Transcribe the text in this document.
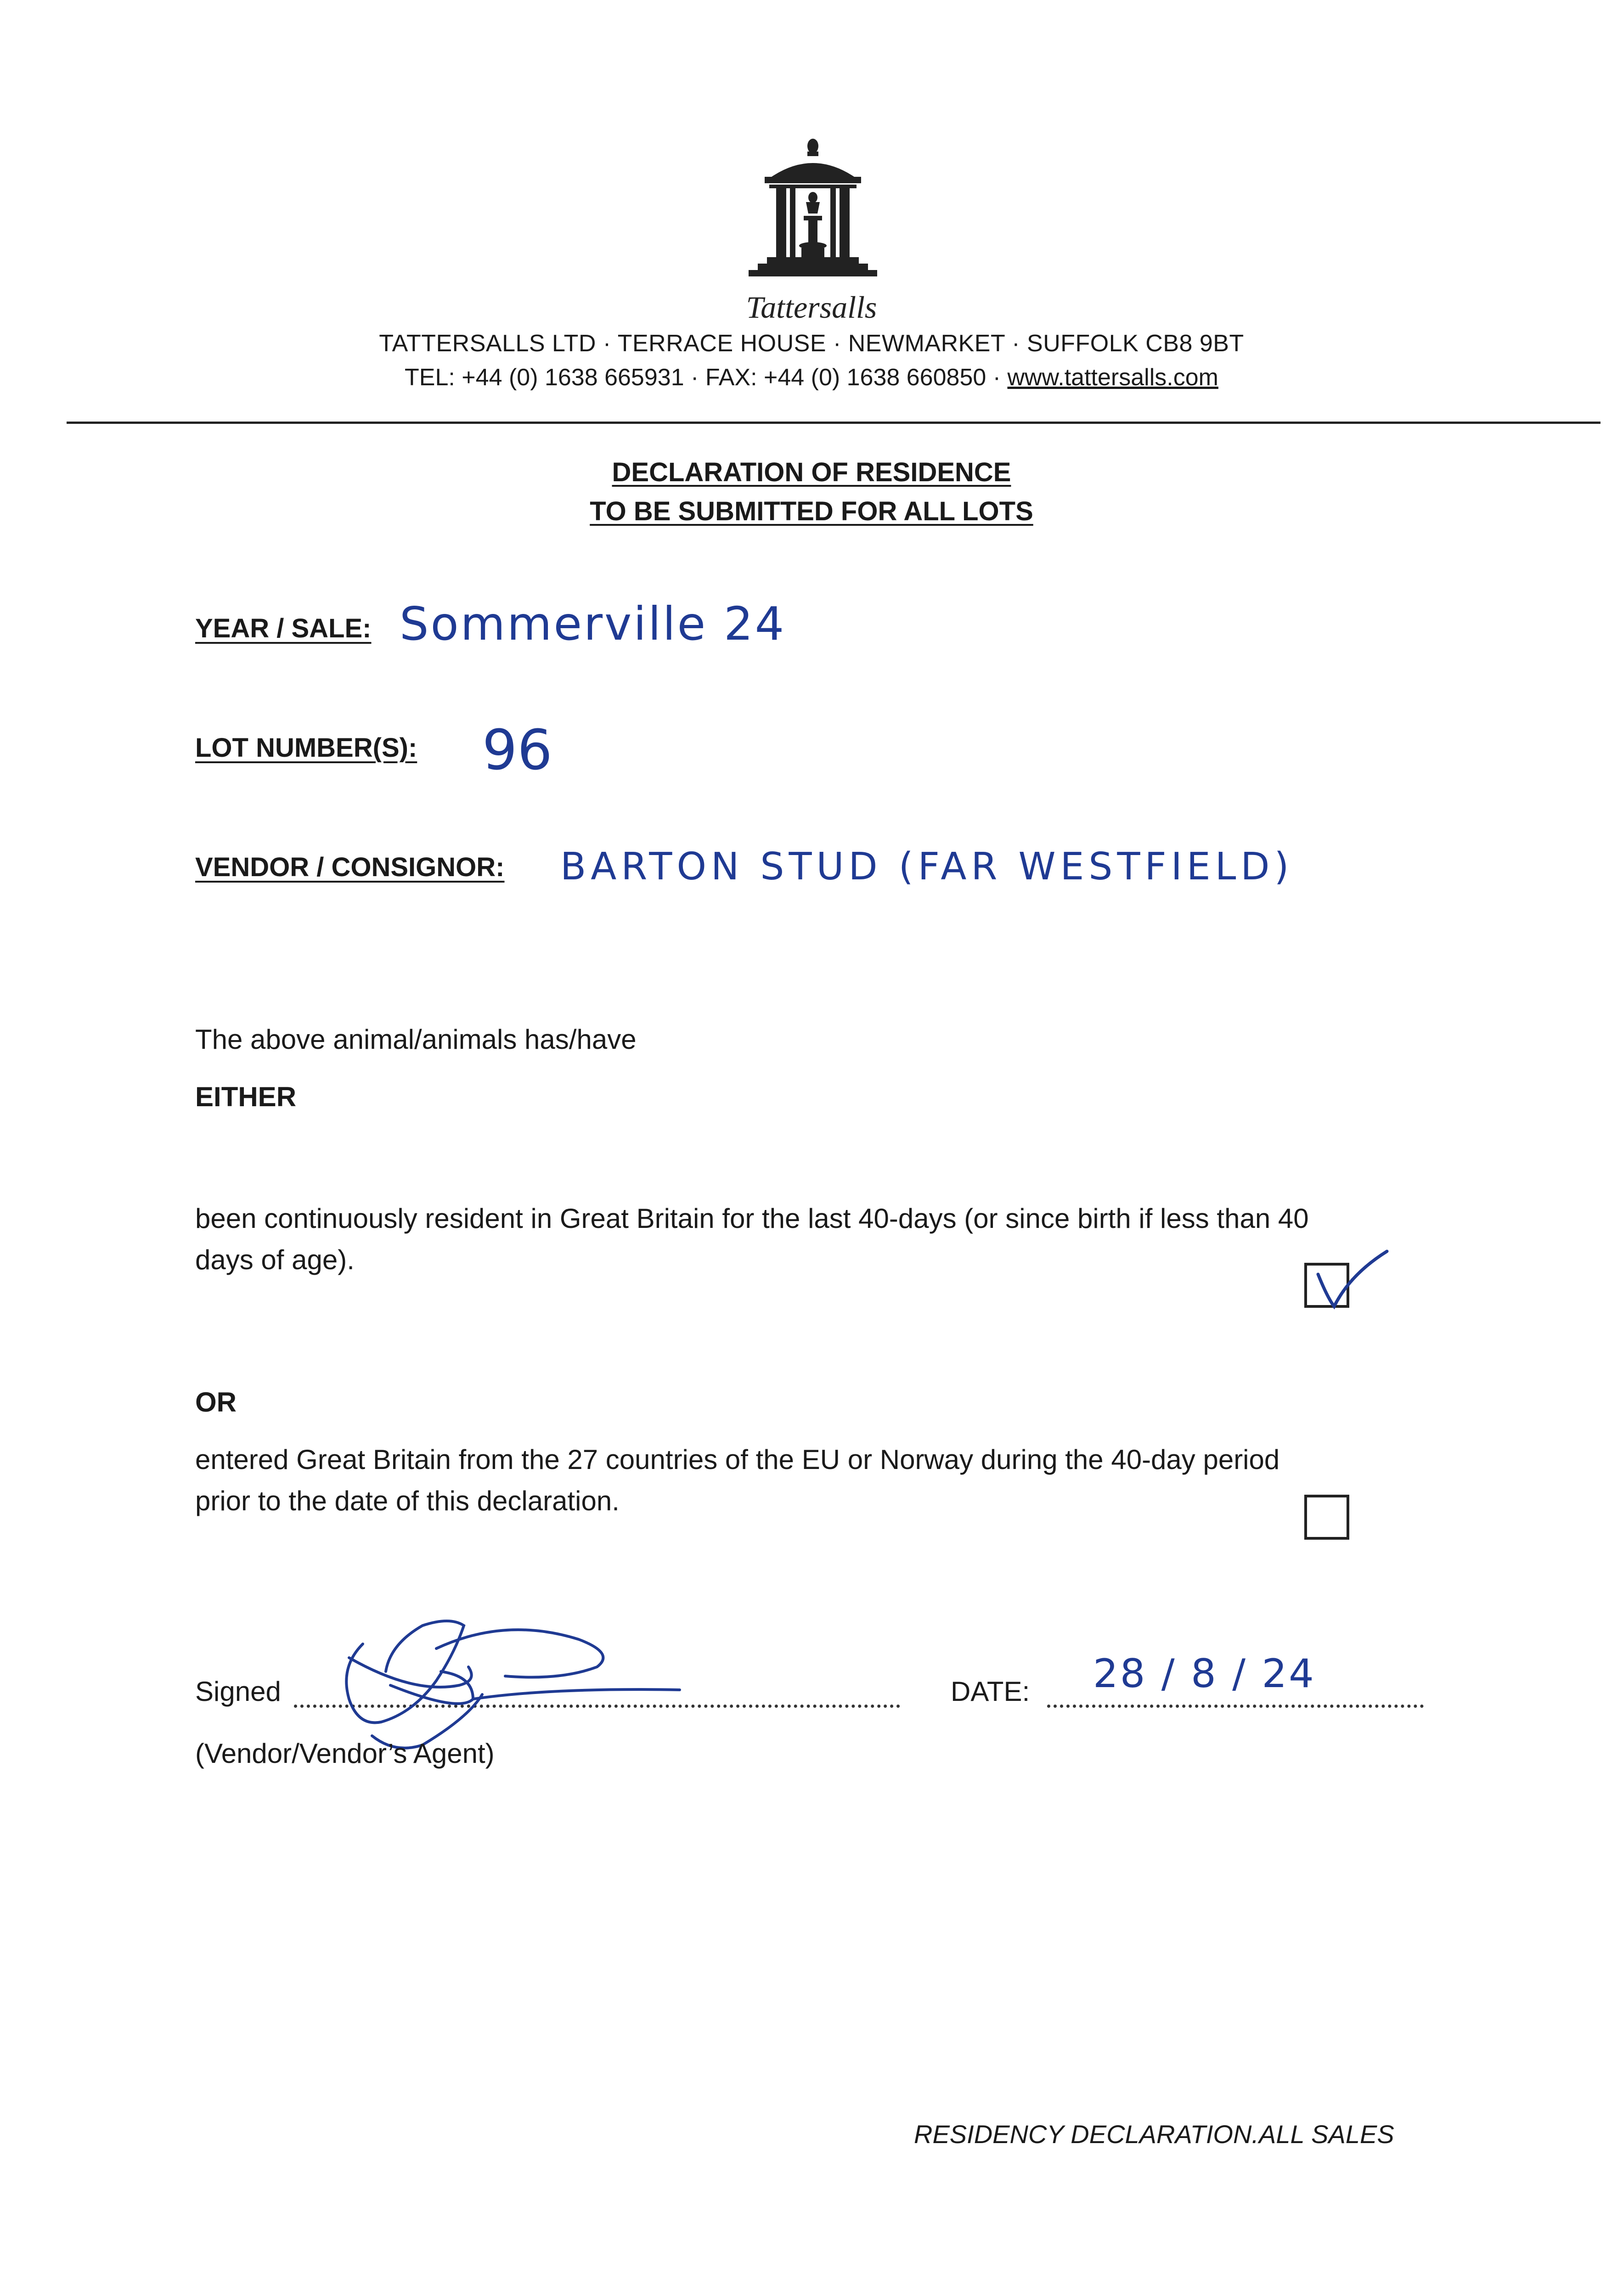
Tattersalls
TATTERSALLS LTD · TERRACE HOUSE · NEWMARKET · SUFFOLK CB8 9BT
TEL: +44 (0) 1638 665931 · FAX: +44 (0) 1638 660850 · www.tattersalls.com
DECLARATION OF RESIDENCE
TO BE SUBMITTED FOR ALL LOTS
YEAR / SALE: Sommerville 24
LOT NUMBER(S): 96
VENDOR / CONSIGNOR: BARTON STUD (FAR WESTFIELD)
The above animal/animals has/have
EITHER
been continuously resident in Great Britain for the last 40-days (or since birth if less than 40
days of age).
OR
entered Great Britain from the 27 countries of the EU or Norway during the 40-day period
prior to the date of this declaration.
Signed	DATE: 28 / 8 / 24
(Vendor/Vendor’s Agent)
RESIDENCY DECLARATION.ALL SALES
